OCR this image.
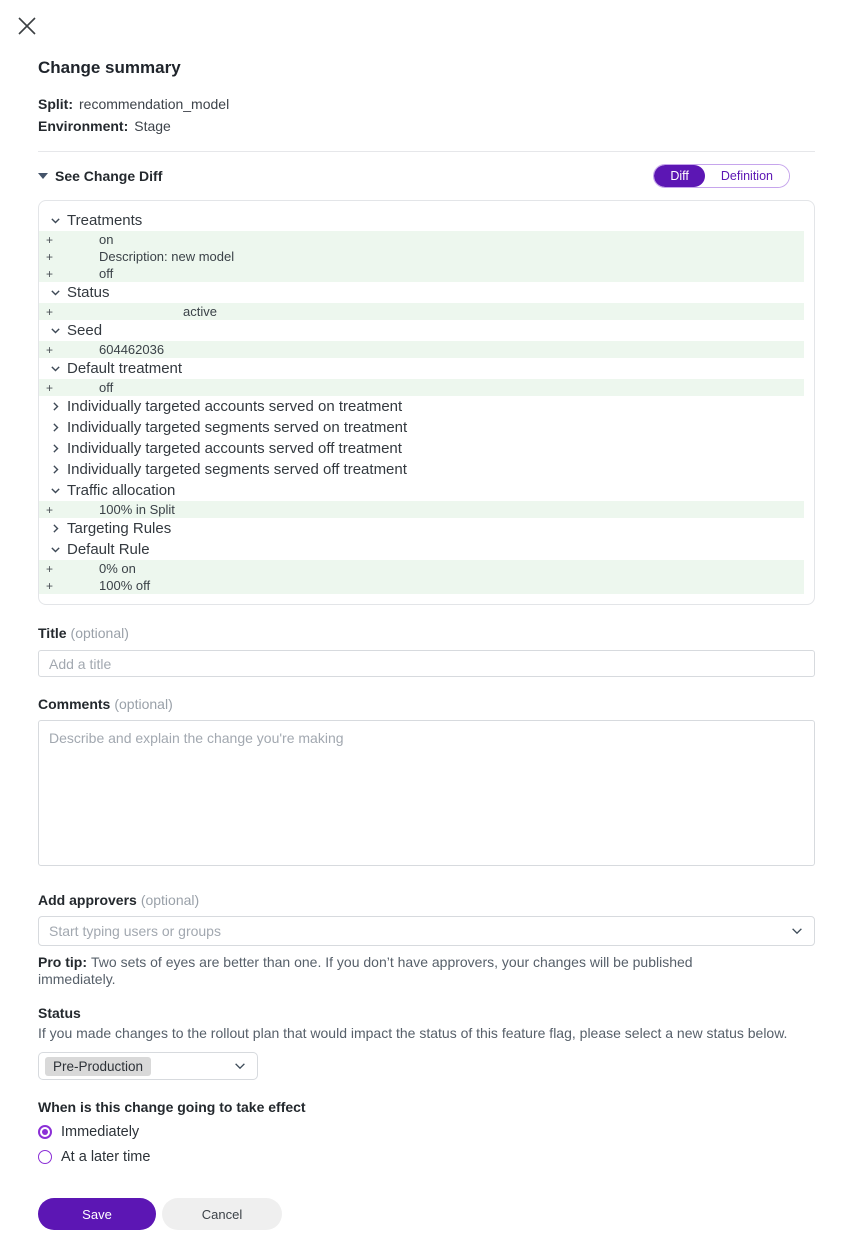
Change summary
Split: recommendation_model
Environment: Stage
See Change Diff	Diff	Definition
Treatments
+	on
+	Description: new model
+	off
Status
+	active
Seed
+	604462036
Default treatment
+	off
Individually targeted accounts served on treatment
Individually targeted segments served on treatment
Individually targeted accounts served off treatment
Individually targeted segments served off treatment
Traffic allocation
+	100% in Split
Targeting Rules
Default Rule
+	0% on
+	100% off
Title (optional)
Add a title
Comments (optional)
Describe and explain the change you're making
Add approvers (optional)
Start typing users or groups

Pro tip: Two sets of eyes are better than one. If you don’t have approvers, your changes will be published immediately.

Status

If you made changes to the rollout plan that would impact the status of this feature flag, please select a new status below.

Pre-Production
When is this change going to take effect
Immediately
At a later time
Save	Cancel
